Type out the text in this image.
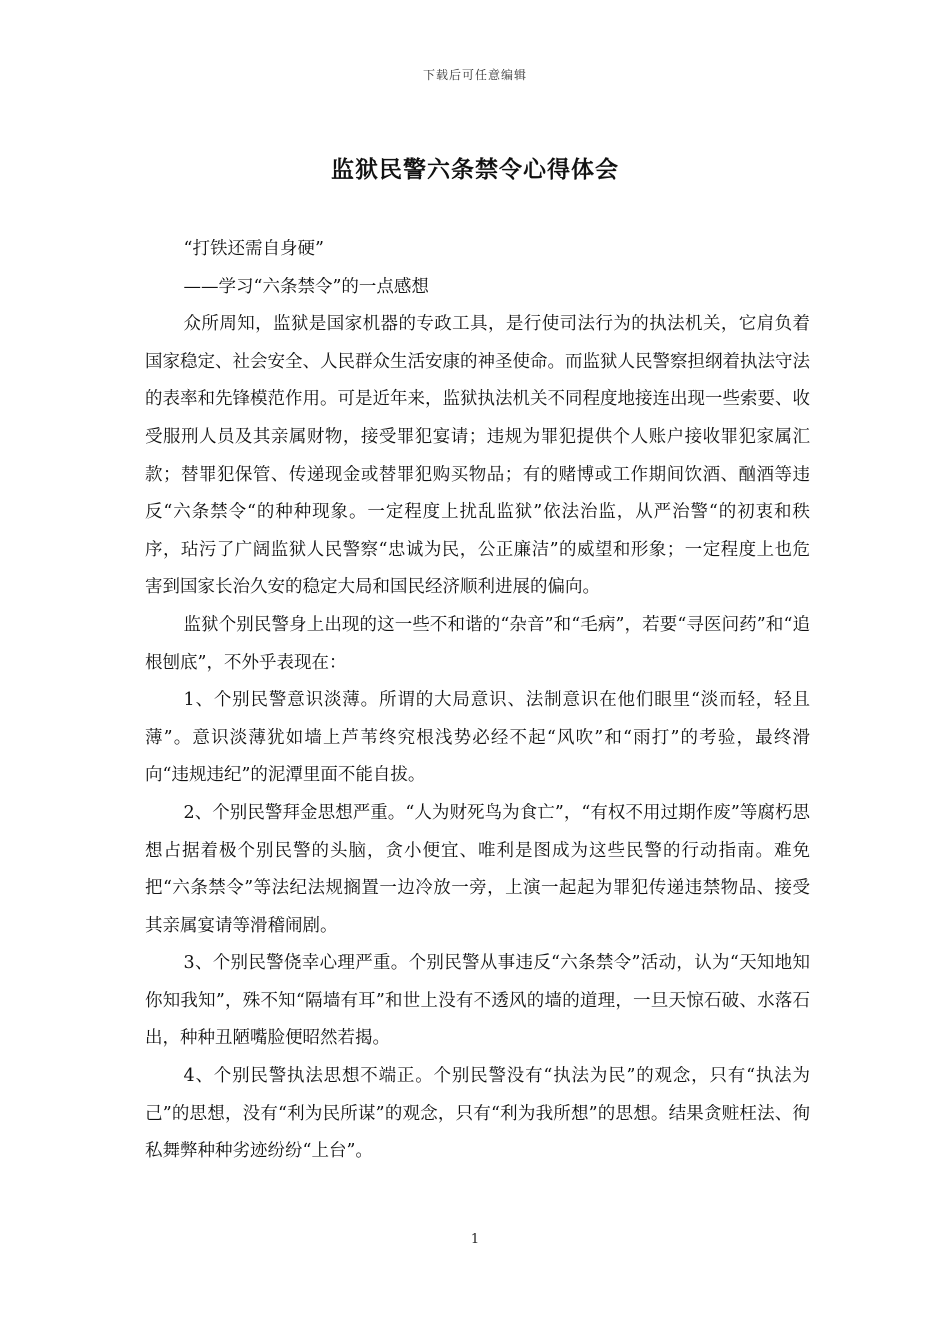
下载后可任意编辑
监狱民警六条禁令心得体会

“打铁还需自身硬”

——学习“六条禁令”的一点感想

众所周知，监狱是国家机器的专政工具，是行使司法行为的执法机关，它肩负着国家稳定、社会安全、人民群众生活安康的神圣使命。而监狱人民警察担纲着执法守法的表率和先锋模范作用。可是近年来，监狱执法机关不同程度地接连出现一些索要、收受服刑人员及其亲属财物，接受罪犯宴请；违规为罪犯提供个人账户接收罪犯家属汇款；替罪犯保管、传递现金或替罪犯购买物品；有的赌博或工作期间饮酒、酗酒等违反“六条禁令“的种种现象。一定程度上扰乱监狱”依法治监，从严治警“的初衷和秩序，玷污了广阔监狱人民警察“忠诚为民，公正廉洁”的威望和形象；一定程度上也危害到国家长治久安的稳定大局和国民经济顺利进展的偏向。

监狱个别民警身上出现的这一些不和谐的“杂音”和“毛病”，若要“寻医问药”和“追根刨底”，不外乎表现在：

1、个别民警意识淡薄。所谓的大局意识、法制意识在他们眼里“淡而轻，轻且薄”。意识淡薄犹如墙上芦苇终究根浅势必经不起“风吹”和“雨打”的考验，最终滑向“违规违纪”的泥潭里面不能自拔。

2、个别民警拜金思想严重。“人为财死鸟为食亡”，“有权不用过期作废”等腐朽思想占据着极个别民警的头脑，贪小便宜、唯利是图成为这些民警的行动指南。难免把“六条禁令”等法纪法规搁置一边冷放一旁，上演一起起为罪犯传递违禁物品、接受其亲属宴请等滑稽闹剧。

3、个别民警侥幸心理严重。个别民警从事违反“六条禁令”活动，认为“天知地知你知我知”，殊不知“隔墙有耳”和世上没有不透风的墙的道理，一旦天惊石破、水落石出，种种丑陋嘴脸便昭然若揭。

4、个别民警执法思想不端正。个别民警没有“执法为民”的观念，只有“执法为己”的思想，没有“利为民所谋”的观念，只有“利为我所想”的思想。结果贪赃枉法、徇私舞弊种种劣迹纷纷“上台”。

1
